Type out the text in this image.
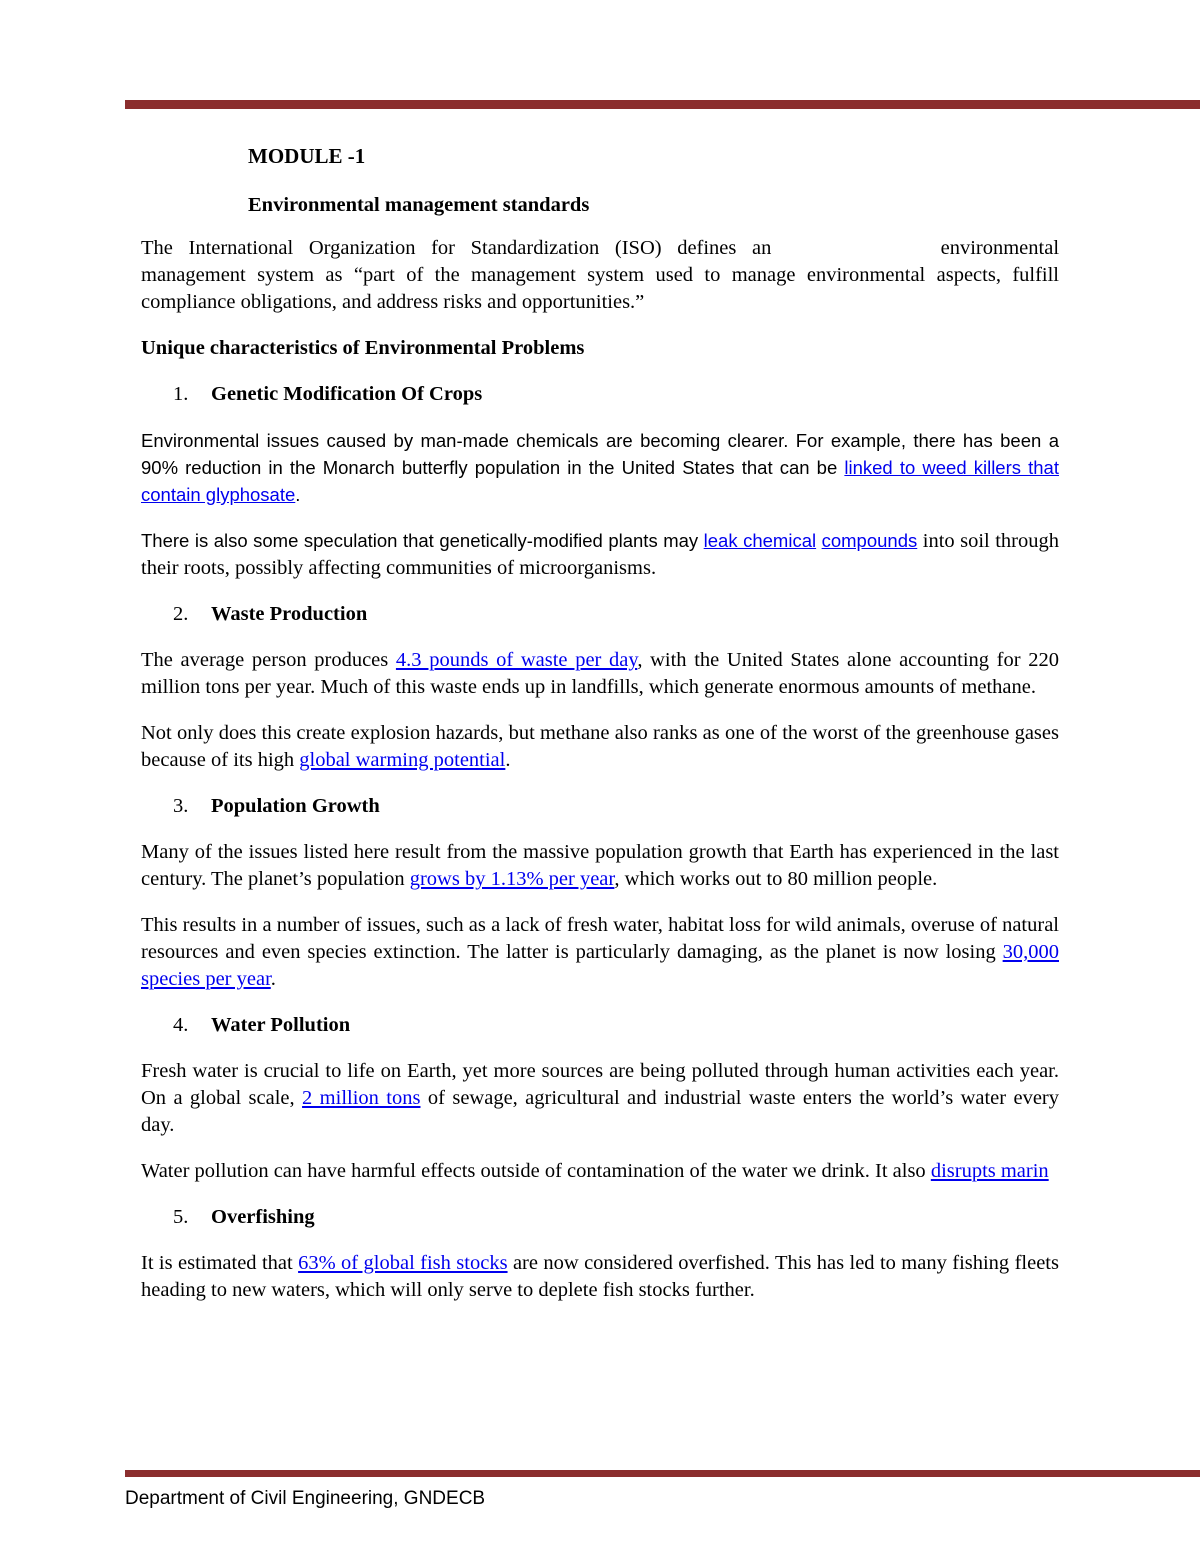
MODULE -1
Environmental management standards

The International Organization for Standardization (ISO) defines an	environmental
management system as “part of the management system used to manage environmental aspects, fulfill compliance obligations, and address risks and opportunities.”

Unique characteristics of Environmental Problems
1. Genetic Modification Of Crops

Environmental issues caused by man-made chemicals are becoming clearer. For example, there has been a 90% reduction in the Monarch butterfly population in the United States that can be linked to weed killers that contain glyphosate.

There is also some speculation that genetically-modified plants may leak chemical compounds into soil through their roots, possibly affecting communities of microorganisms.

2. Waste Production

The average person produces 4.3 pounds of waste per day, with the United States alone accounting for 220 million tons per year. Much of this waste ends up in landfills, which generate enormous amounts of methane.

Not only does this create explosion hazards, but methane also ranks as one of the worst of the greenhouse gases because of its high global warming potential.

3. Population Growth

Many of the issues listed here result from the massive population growth that Earth has experienced in the last century. The planet’s population grows by 1.13% per year, which works out to 80 million people.

This results in a number of issues, such as a lack of fresh water, habitat loss for wild animals, overuse of natural resources and even species extinction. The latter is particularly damaging, as the planet is now losing 30,000 species per year.

4. Water Pollution

Fresh water is crucial to life on Earth, yet more sources are being polluted through human activities each year. On a global scale, 2 million tons of sewage, agricultural and industrial waste enters the world’s water every day.

Water pollution can have harmful effects outside of contamination of the water we drink. It also disrupts marin

5. Overfishing

It is estimated that 63% of global fish stocks are now considered overfished. This has led to many fishing fleets heading to new waters, which will only serve to deplete fish stocks further.

Department of Civil Engineering, GNDECB
